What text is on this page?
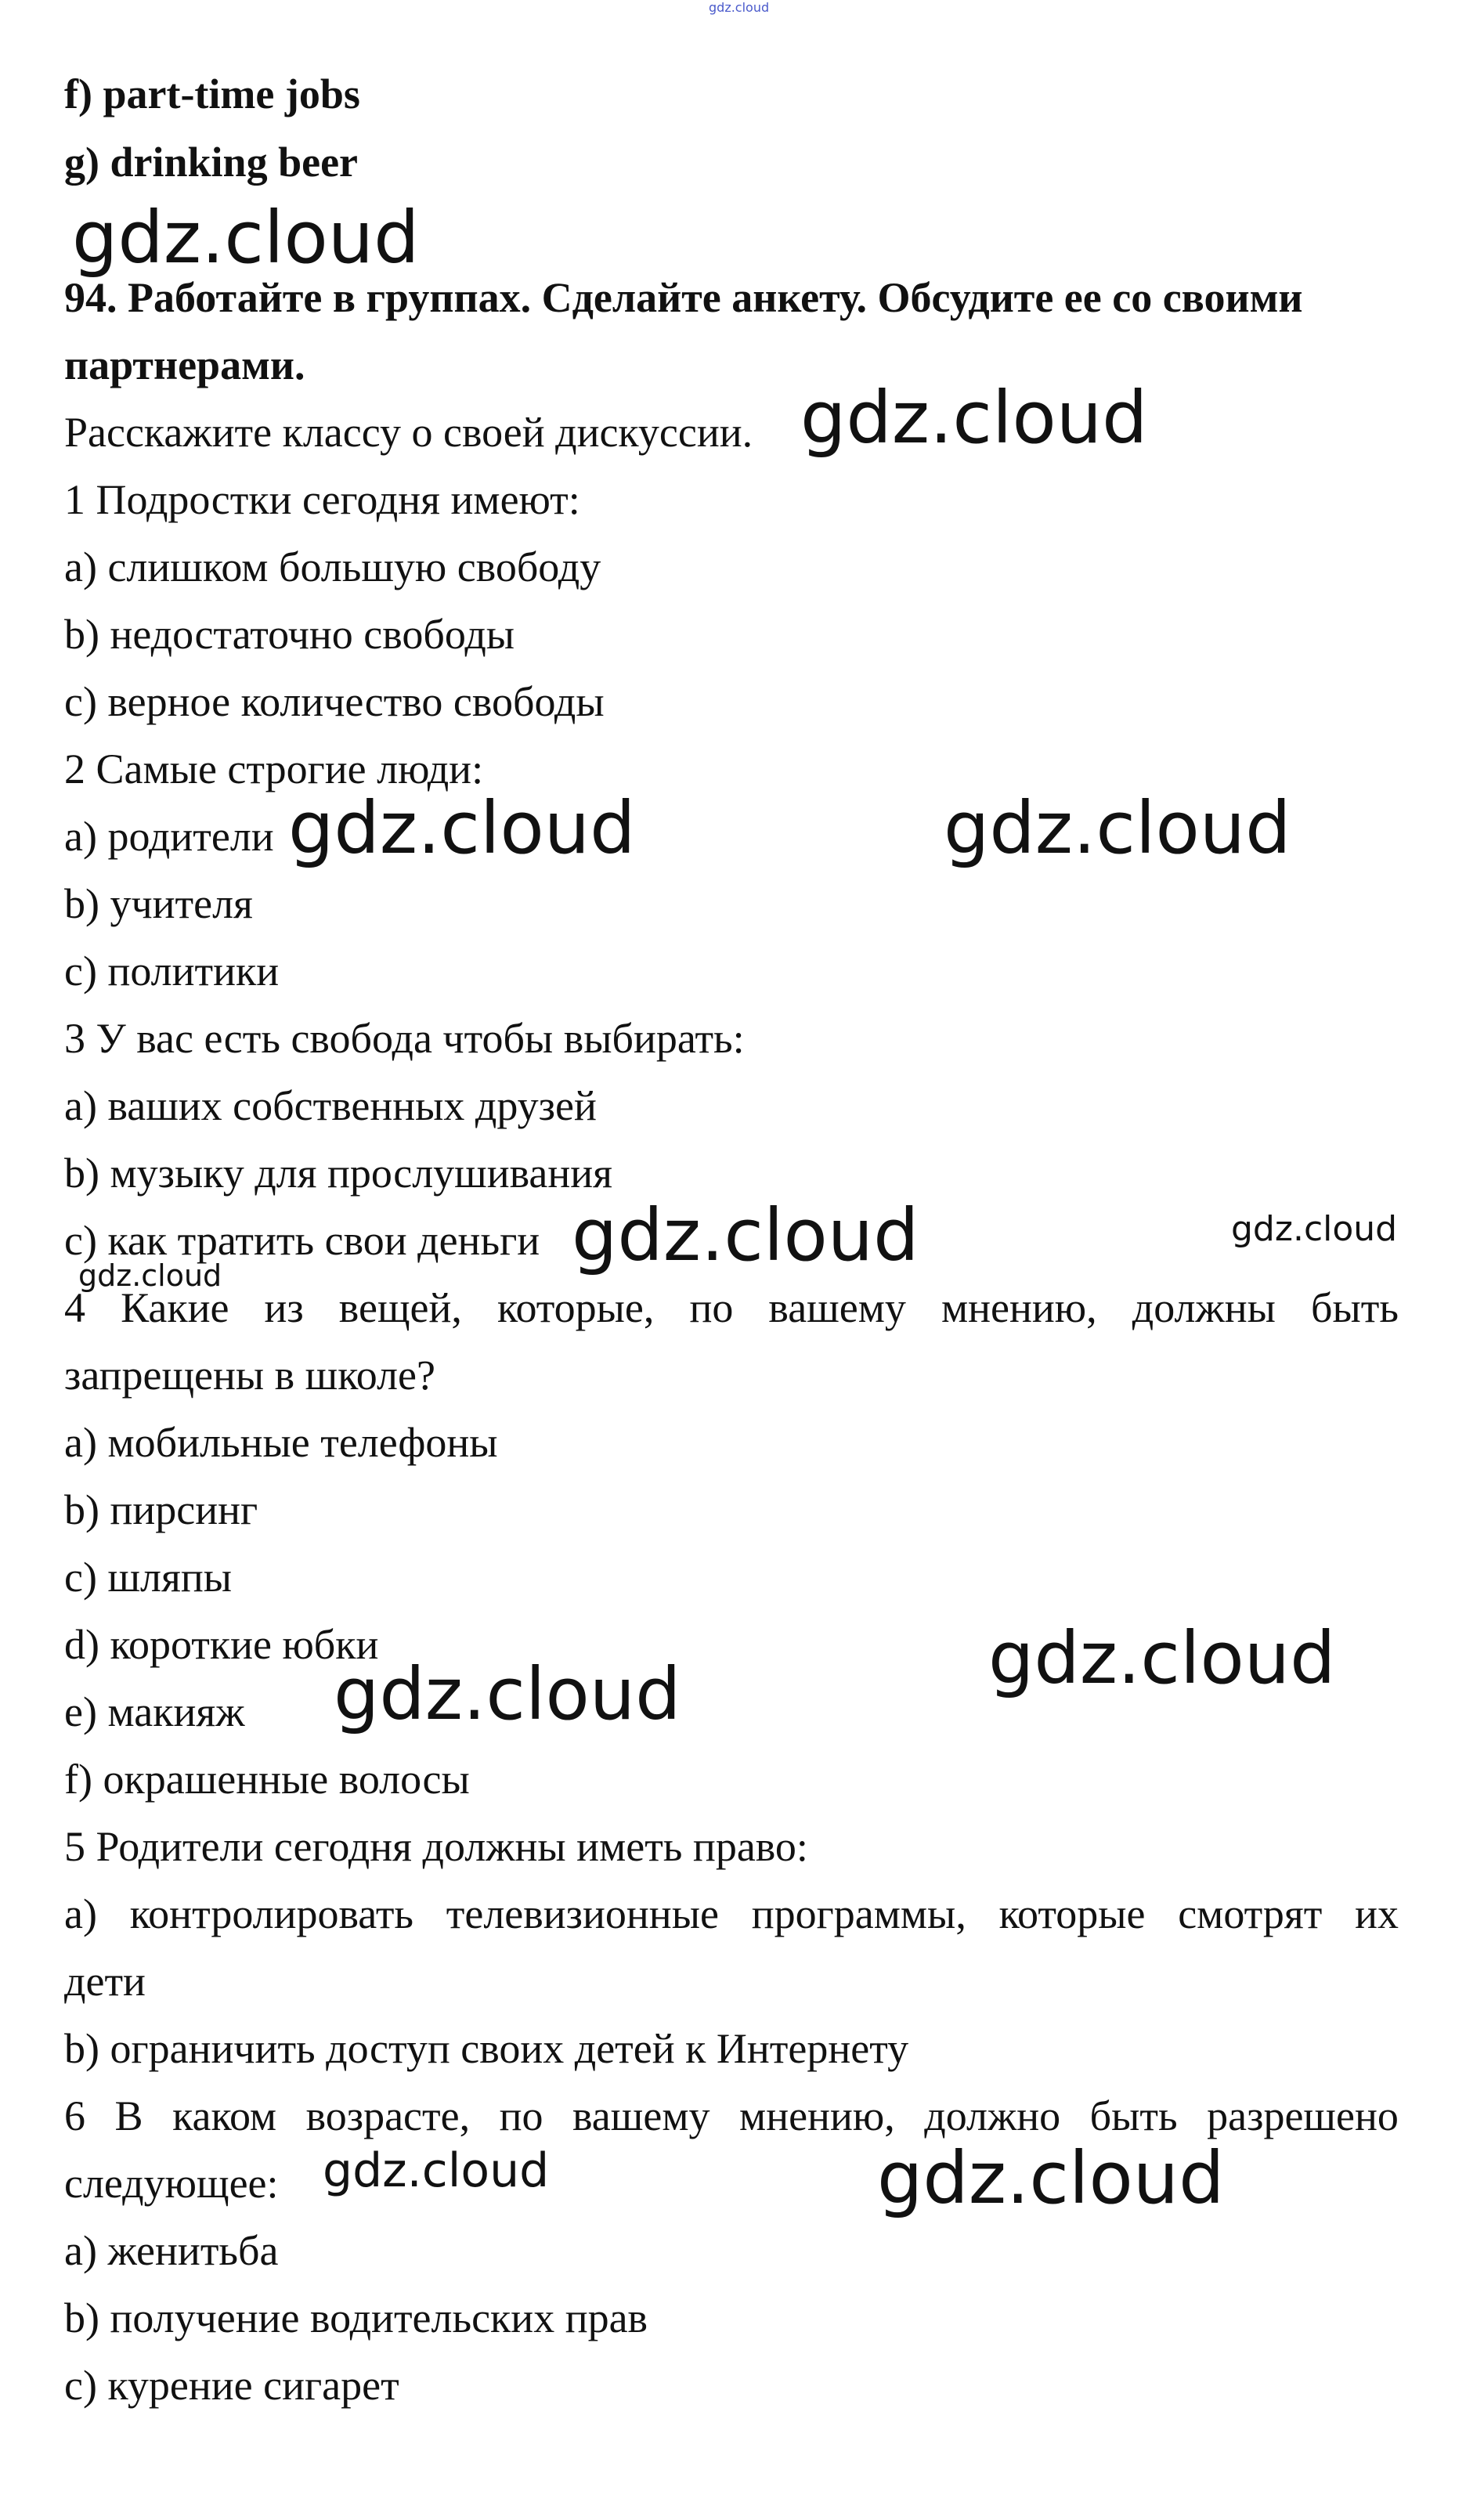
gdz.cloud
f) part-time jobs
g) drinking beer
94. Работайте в группах. Сделайте анкету. Обсудите ее со своими
партнерами.
Расскажите классу о своей дискуссии.
1 Подростки сегодня имеют:
a) слишком большую свободу
b) недостаточно свободы
c) верное количество свободы
2 Самые строгие люди:
a) родители
b) учителя
c) политики
3 У вас есть свобода чтобы выбирать:
a) ваших собственных друзей
b) музыку для прослушивания
c) как тратить свои деньги
4 Какие из вещей, которые, по вашему мнению, должны быть
запрещены в школе?
a) мобильные телефоны
b) пирсинг
c) шляпы
d) короткие юбки
e) макияж
f) окрашенные волосы
5 Родители сегодня должны иметь право:
a) контролировать телевизионные программы, которые смотрят их
дети
b) ограничить доступ своих детей к Интернету
6 В каком возрасте, по вашему мнению, должно быть разрешено
следующее:
a) женитьба
b) получение водительских прав
c) курение сигарет
gdz.cloud
gdz.cloud
gdz.cloud	gdz.cloud
gdz.cloud	gdz.cloud
gdz.cloud
gdz.cloud
gdz.cloud
gdz.cloud	gdz.cloud
